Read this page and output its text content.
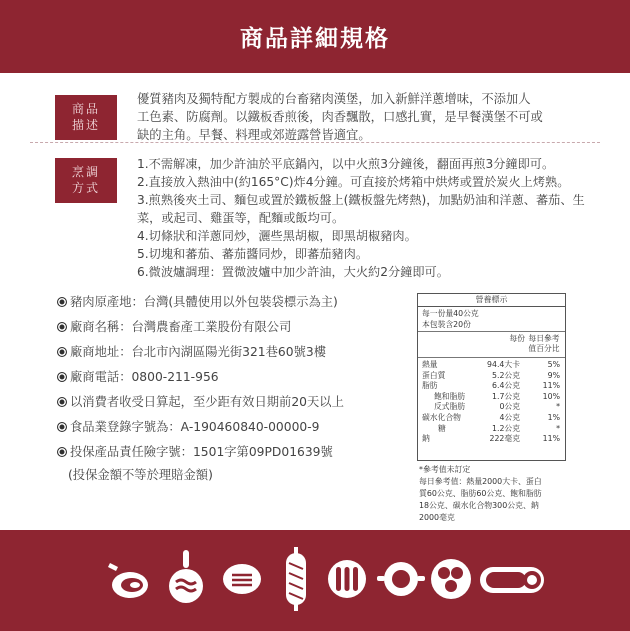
商品詳細規格
商品
描述
優質豬肉及獨特配方製成的台畜豬肉漢堡，加入新鮮洋蔥增味，不添加人
工色素、防腐劑。以鐵板香煎後，肉香飄散，口感扎實，是早餐漢堡不可或
缺的主角。早餐、料理或郊遊露營皆適宜。
烹調
方式
1.不需解凍，加少許油於平底鍋內，以中火煎3分鐘後，翻面再煎3分鐘即可。
2.直接放入熱油中(約165°C)炸4分鐘。可直接於烤箱中烘烤或置於炭火上烤熟。
3.煎熟後夾土司、麵包或置於鐵板盤上(鐵板盤先烤熱)，加點奶油和洋蔥、蕃茄、生菜，或起司、雞蛋等，配麵或飯均可。
4.切條狀和洋蔥同炒，灑些黑胡椒，即黑胡椒豬肉。
5.切塊和蕃茄、蕃茄醬同炒，即蕃茄豬肉。
6.微波爐調理：置微波爐中加少許油，大火約2分鐘即可。
豬肉原產地：台灣(具體使用以外包裝袋標示為主)
廠商名稱：台灣農畜產工業股份有限公司
廠商地址：台北市內湖區陽光街321巷60號3樓
廠商電話：0800-211-956
以消費者收受日算起，至少距有效日期前20天以上
食品業登錄字號為：A-190460840-00000-9
投保產品責任險字號：1501字第09PD01639號
(投保金額不等於理賠金額)
營養標示
每一份量40公克
本包裝含20份
每份 每日參考
值百分比
熱量	94.4大卡	5%
蛋白質	5.2公克	9%
脂肪	6.4公克	11%
飽和脂肪	1.7公克	10%
反式脂肪	0公克	*
碳水化合物	4公克	1%
糖	1.2公克	*
鈉	222毫克	11%
*參考值未訂定
每日參考值：熱量2000大卡、蛋白
質60公克、脂肪60公克、飽和脂肪
18公克、碳水化合物300公克、鈉
2000毫克
